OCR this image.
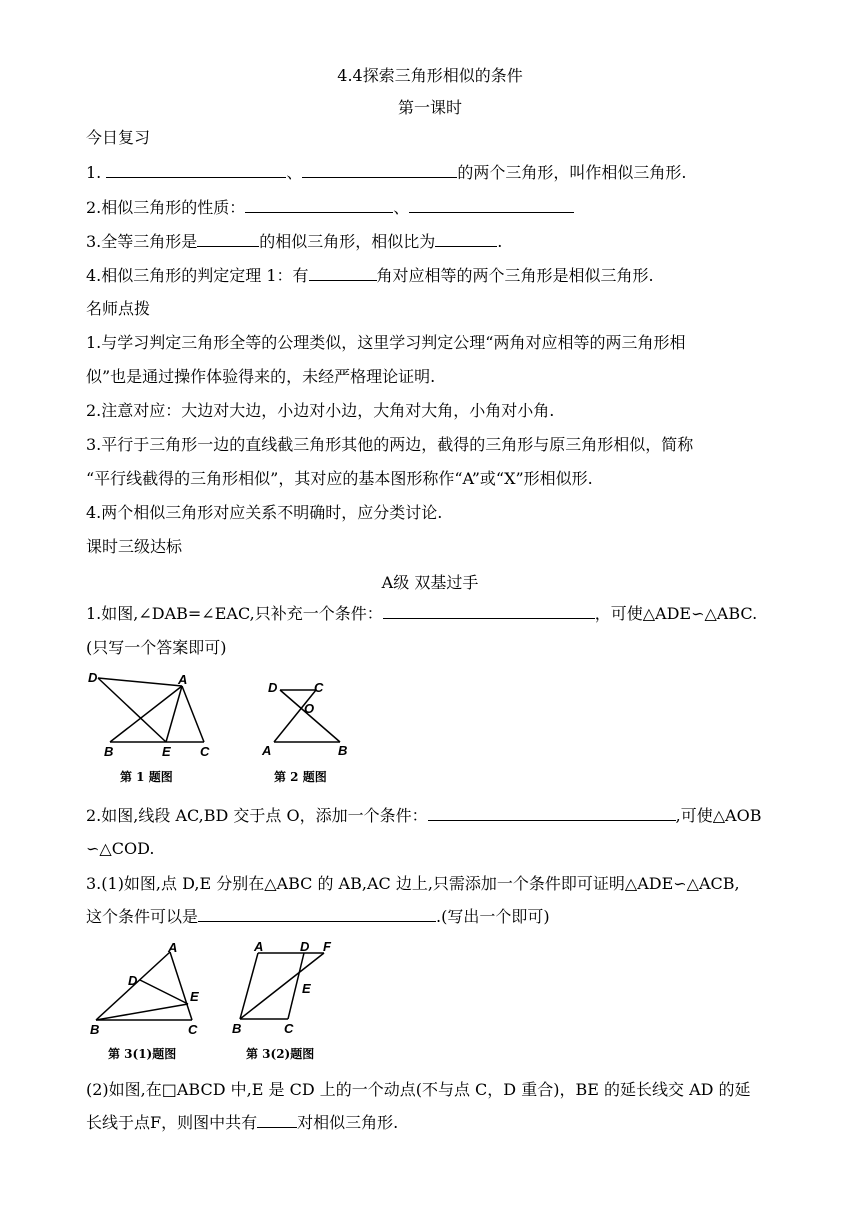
4.4探索三角形相似的条件
第一课时
今日复习
1.	、	的两个三角形，叫作相似三角形.
2.相似三角形的性质：	、
3.全等三角形是	的相似三角形，相似比为	.
4.相似三角形的判定定理 1：有	角对应相等的两个三角形是相似三角形.
名师点拨
1.与学习判定三角形全等的公理类似，这里学习判定公理“两角对应相等的两三角形相
似”也是通过操作体验得来的，未经严格理论证明.
2.注意对应：大边对大边，小边对小边，大角对大角，小角对小角.
3.平行于三角形一边的直线截三角形其他的两边，截得的三角形与原三角形相似，简称
“平行线截得的三角形相似”，其对应的基本图形称作“A”或“X”形相似形.
4.两个相似三角形对应关系不明确时，应分类讨论.
课时三级达标
A级 双基过手
1.如图,∠DAB=∠EAC,只补充一个条件：	，可使△ADE∽△ABC.
(只写一个答案即可)
D	A
B	E C
第 1 题图
D	C
O
A	B
第 2 题图
2.如图,线段 AC,BD 交于点 O，添加一个条件：	,可使△AOB
∽△COD.
3.(1)如图,点 D,E 分别在△ABC 的 AB,AC 边上,只需添加一个条件即可证明△ADE∽△ACB,
这个条件可以是	.(写出一个即可)
A
D
E
B	C
第 3(1)题图
A	D F
E
B	C
第 3(2)题图
(2)如图,在□ABCD 中,E 是 CD 上的一个动点(不与点 C，D 重合)，BE 的延长线交 AD 的延
长线于点F，则图中共有	对相似三角形.
